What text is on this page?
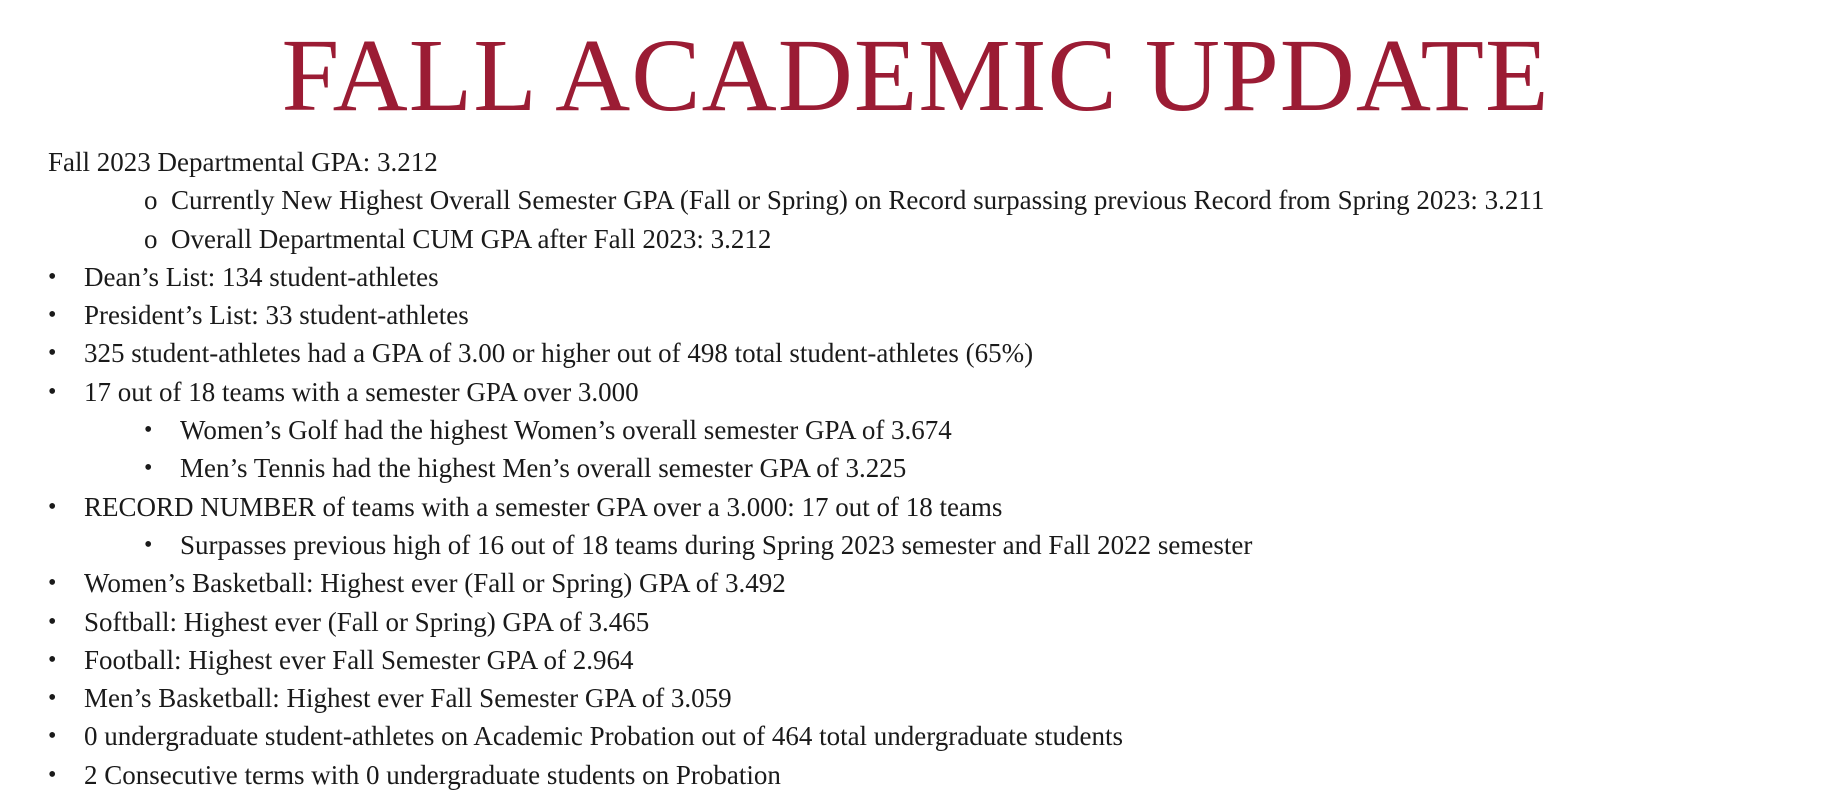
FALL ACADEMIC UPDATE
Fall 2023 Departmental GPA: 3.212
o Currently New Highest Overall Semester GPA (Fall or Spring) on Record surpassing previous Record from Spring 2023: 3.211
o Overall Departmental CUM GPA after Fall 2023: 3.212
• Dean’s List: 134 student-athletes
• President’s List: 33 student-athletes
• 325 student-athletes had a GPA of 3.00 or higher out of 498 total student-athletes (65%)
• 17 out of 18 teams with a semester GPA over 3.000
• Women’s Golf had the highest Women’s overall semester GPA of 3.674
• Men’s Tennis had the highest Men’s overall semester GPA of 3.225
• RECORD NUMBER of teams with a semester GPA over a 3.000: 17 out of 18 teams
• Surpasses previous high of 16 out of 18 teams during Spring 2023 semester and Fall 2022 semester
• Women’s Basketball: Highest ever (Fall or Spring) GPA of 3.492
• Softball: Highest ever (Fall or Spring) GPA of 3.465
• Football: Highest ever Fall Semester GPA of 2.964
• Men’s Basketball: Highest ever Fall Semester GPA of 3.059
• 0 undergraduate student-athletes on Academic Probation out of 464 total undergraduate students
• 2 Consecutive terms with 0 undergraduate students on Probation
